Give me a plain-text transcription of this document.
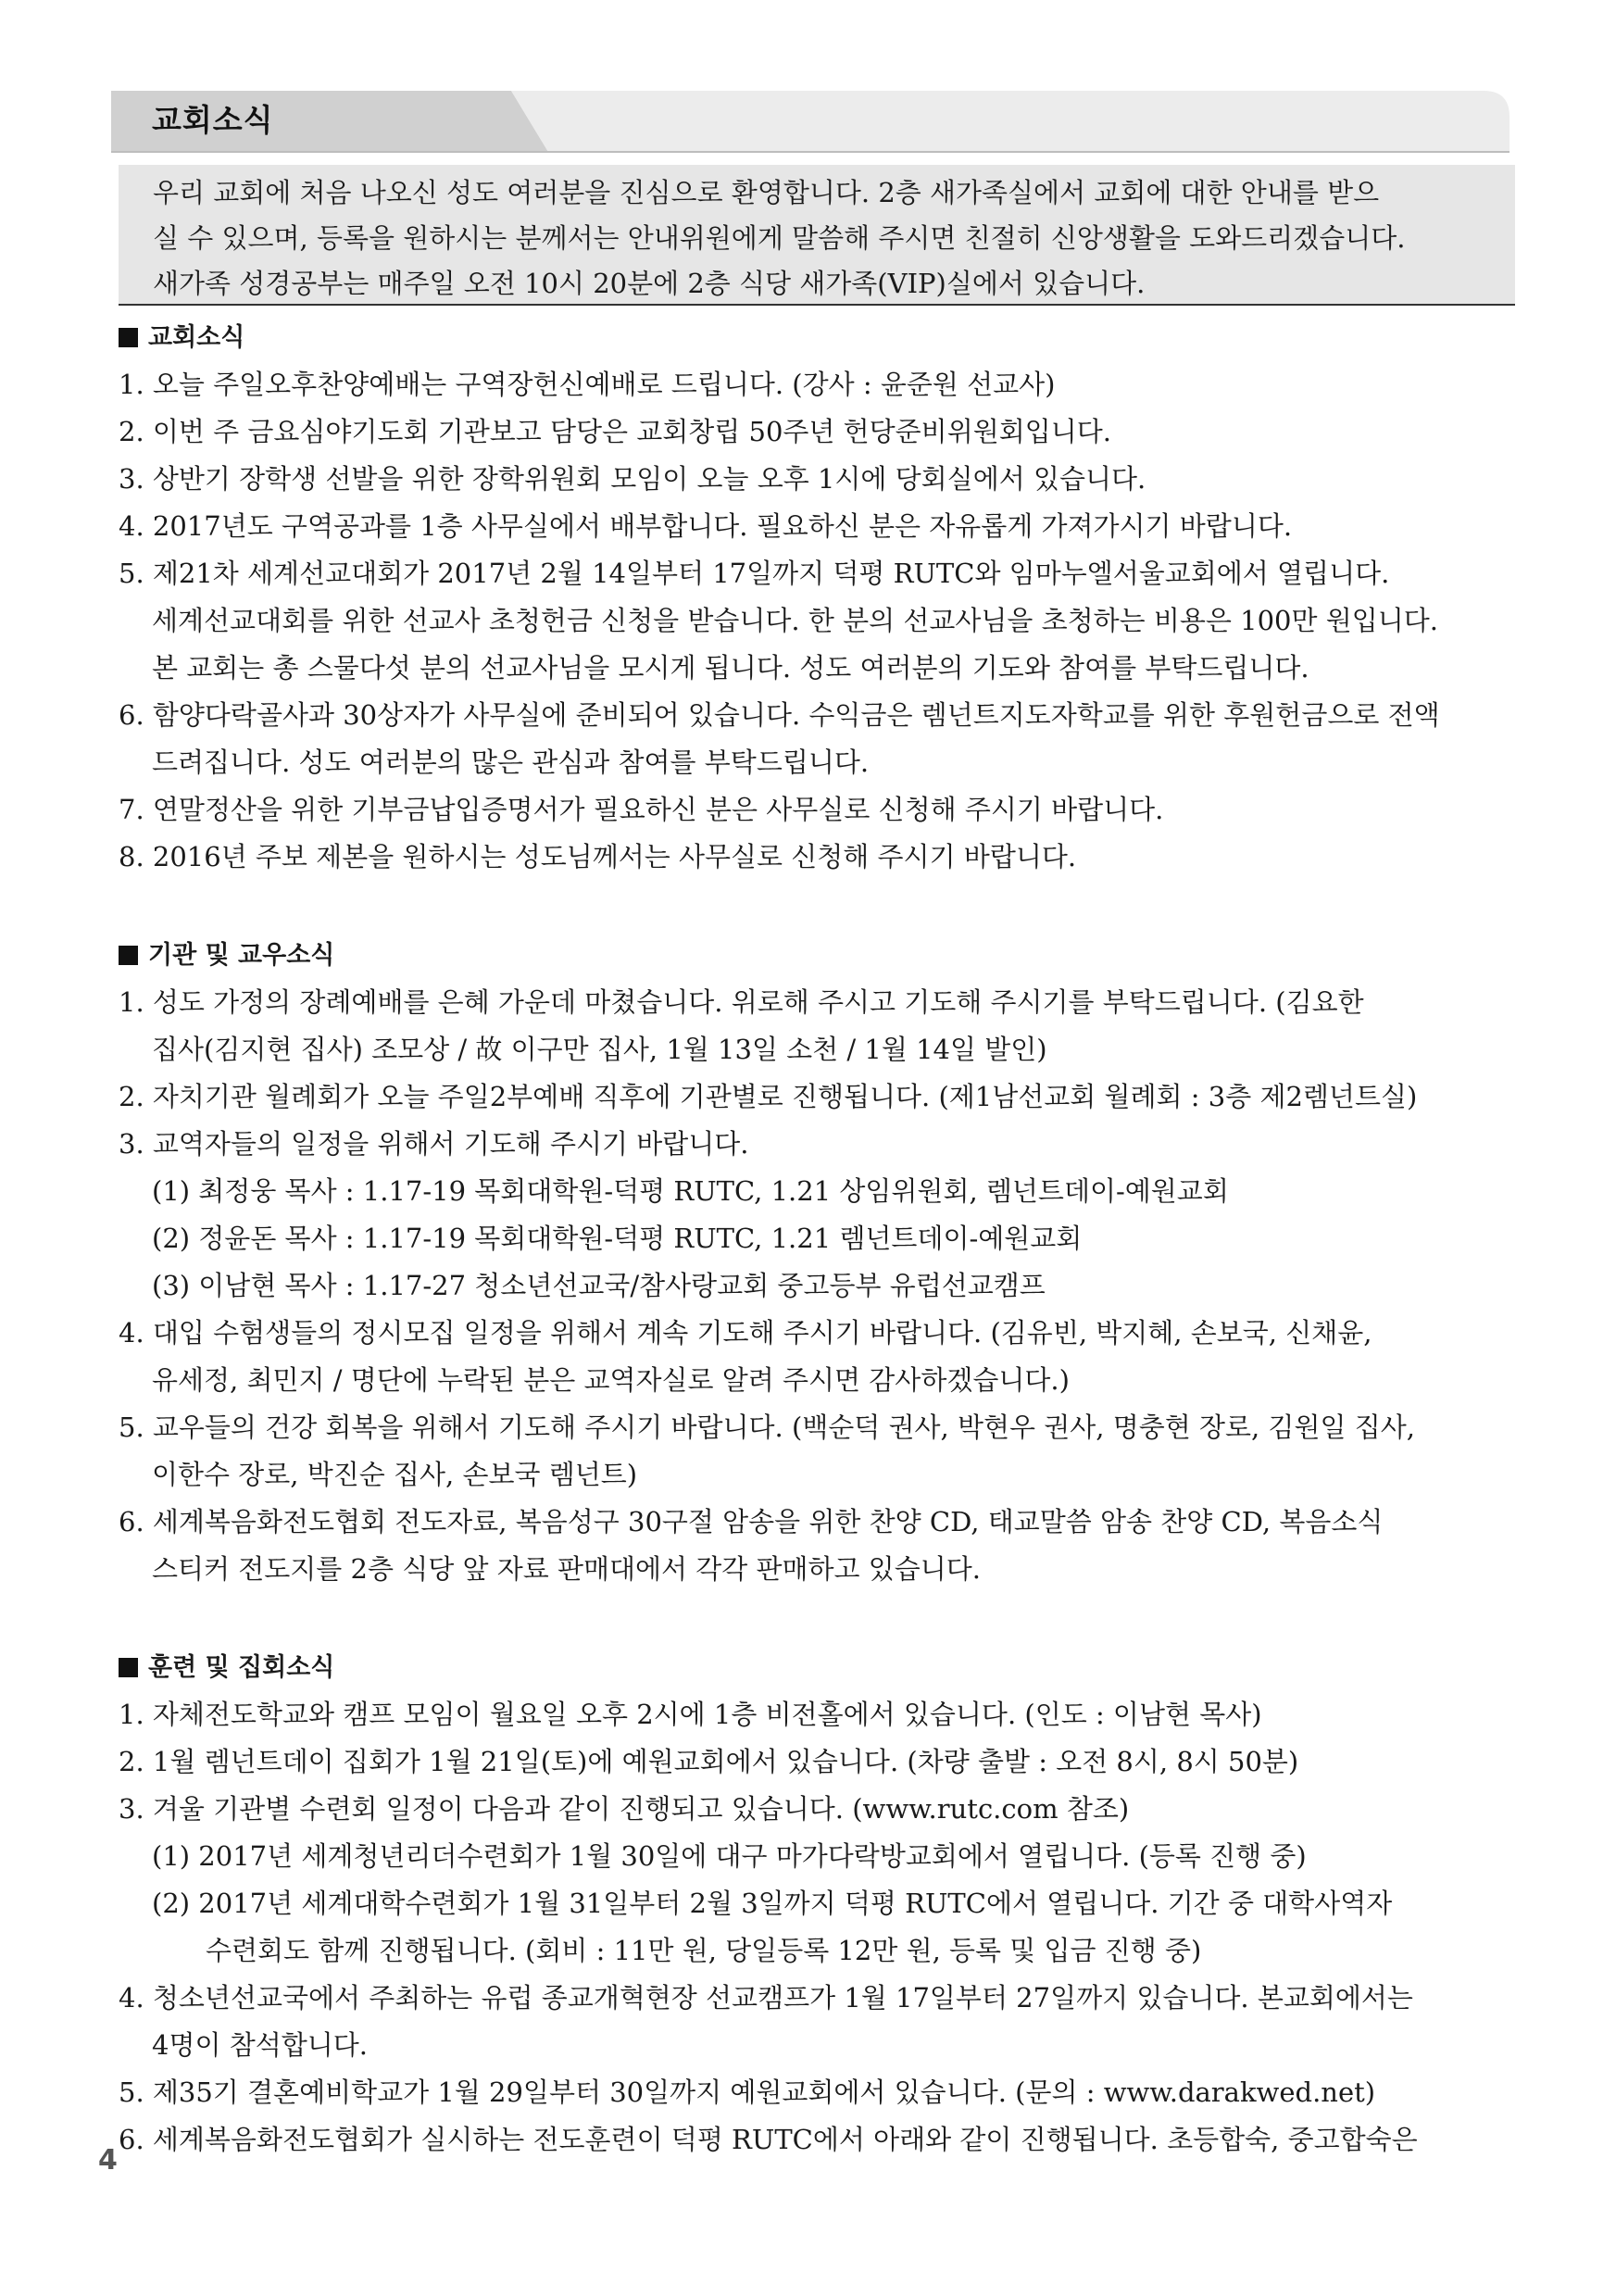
교회소식

우리 교회에 처음 나오신 성도 여러분을 진심으로 환영합니다. 2층 새가족실에서 교회에 대한 안내를 받으

실 수 있으며, 등록을 원하시는 분께서는 안내위원에게 말씀해 주시면 친절히 신앙생활을 도와드리겠습니다.

새가족 성경공부는 매주일 오전 10시 20분에 2층 식당 새가족(VIP)실에서 있습니다.

교회소식
1. 오늘 주일오후찬양예배는 구역장헌신예배로 드립니다. (강사 : 윤준원 선교사)
2. 이번 주 금요심야기도회 기관보고 담당은 교회창립 50주년 헌당준비위원회입니다.
3. 상반기 장학생 선발을 위한 장학위원회 모임이 오늘 오후 1시에 당회실에서 있습니다.
4. 2017년도 구역공과를 1층 사무실에서 배부합니다. 필요하신 분은 자유롭게 가져가시기 바랍니다.
5. 제21차 세계선교대회가 2017년 2월 14일부터 17일까지 덕평 RUTC와 임마누엘서울교회에서 열립니다.
세계선교대회를 위한 선교사 초청헌금 신청을 받습니다. 한 분의 선교사님을 초청하는 비용은 100만 원입니다.
본 교회는 총 스물다섯 분의 선교사님을 모시게 됩니다. 성도 여러분의 기도와 참여를 부탁드립니다.
6. 함양다락골사과 30상자가 사무실에 준비되어 있습니다. 수익금은 렘넌트지도자학교를 위한 후원헌금으로 전액
드려집니다. 성도 여러분의 많은 관심과 참여를 부탁드립니다.
7. 연말정산을 위한 기부금납입증명서가 필요하신 분은 사무실로 신청해 주시기 바랍니다.
8. 2016년 주보 제본을 원하시는 성도님께서는 사무실로 신청해 주시기 바랍니다.
기관 및 교우소식
1. 성도 가정의 장례예배를 은혜 가운데 마쳤습니다. 위로해 주시고 기도해 주시기를 부탁드립니다. (김요한
집사(김지현 집사) 조모상 / 故 이구만 집사, 1월 13일 소천 / 1월 14일 발인)
2. 자치기관 월례회가 오늘 주일2부예배 직후에 기관별로 진행됩니다. (제1남선교회 월례회 : 3층 제2렘넌트실)
3. 교역자들의 일정을 위해서 기도해 주시기 바랍니다.
(1) 최정웅 목사 : 1.17-19 목회대학원-덕평 RUTC, 1.21 상임위원회, 렘넌트데이-예원교회
(2) 정윤돈 목사 : 1.17-19 목회대학원-덕평 RUTC, 1.21 렘넌트데이-예원교회
(3) 이남현 목사 : 1.17-27 청소년선교국/참사랑교회 중고등부 유럽선교캠프
4. 대입 수험생들의 정시모집 일정을 위해서 계속 기도해 주시기 바랍니다. (김유빈, 박지혜, 손보국, 신채윤,
유세정, 최민지 / 명단에 누락된 분은 교역자실로 알려 주시면 감사하겠습니다.)
5. 교우들의 건강 회복을 위해서 기도해 주시기 바랍니다. (백순덕 권사, 박현우 권사, 명충현 장로, 김원일 집사,
이한수 장로, 박진순 집사, 손보국 렘넌트)
6. 세계복음화전도협회 전도자료, 복음성구 30구절 암송을 위한 찬양 CD, 태교말씀 암송 찬양 CD, 복음소식
스티커 전도지를 2층 식당 앞 자료 판매대에서 각각 판매하고 있습니다.
훈련 및 집회소식
1. 자체전도학교와 캠프 모임이 월요일 오후 2시에 1층 비전홀에서 있습니다. (인도 : 이남현 목사)
2. 1월 렘넌트데이 집회가 1월 21일(토)에 예원교회에서 있습니다. (차량 출발 : 오전 8시, 8시 50분)
3. 겨울 기관별 수련회 일정이 다음과 같이 진행되고 있습니다. (www.rutc.com 참조)
(1) 2017년 세계청년리더수련회가 1월 30일에 대구 마가다락방교회에서 열립니다. (등록 진행 중)
(2) 2017년 세계대학수련회가 1월 31일부터 2월 3일까지 덕평 RUTC에서 열립니다. 기간 중 대학사역자
수련회도 함께 진행됩니다. (회비 : 11만 원, 당일등록 12만 원, 등록 및 입금 진행 중)
4. 청소년선교국에서 주최하는 유럽 종교개혁현장 선교캠프가 1월 17일부터 27일까지 있습니다. 본교회에서는
4명이 참석합니다.
5. 제35기 결혼예비학교가 1월 29일부터 30일까지 예원교회에서 있습니다. (문의 : www.darakwed.net)
6. 세계복음화전도협회가 실시하는 전도훈련이 덕평 RUTC에서 아래와 같이 진행됩니다. 초등합숙, 중고합숙은
4
